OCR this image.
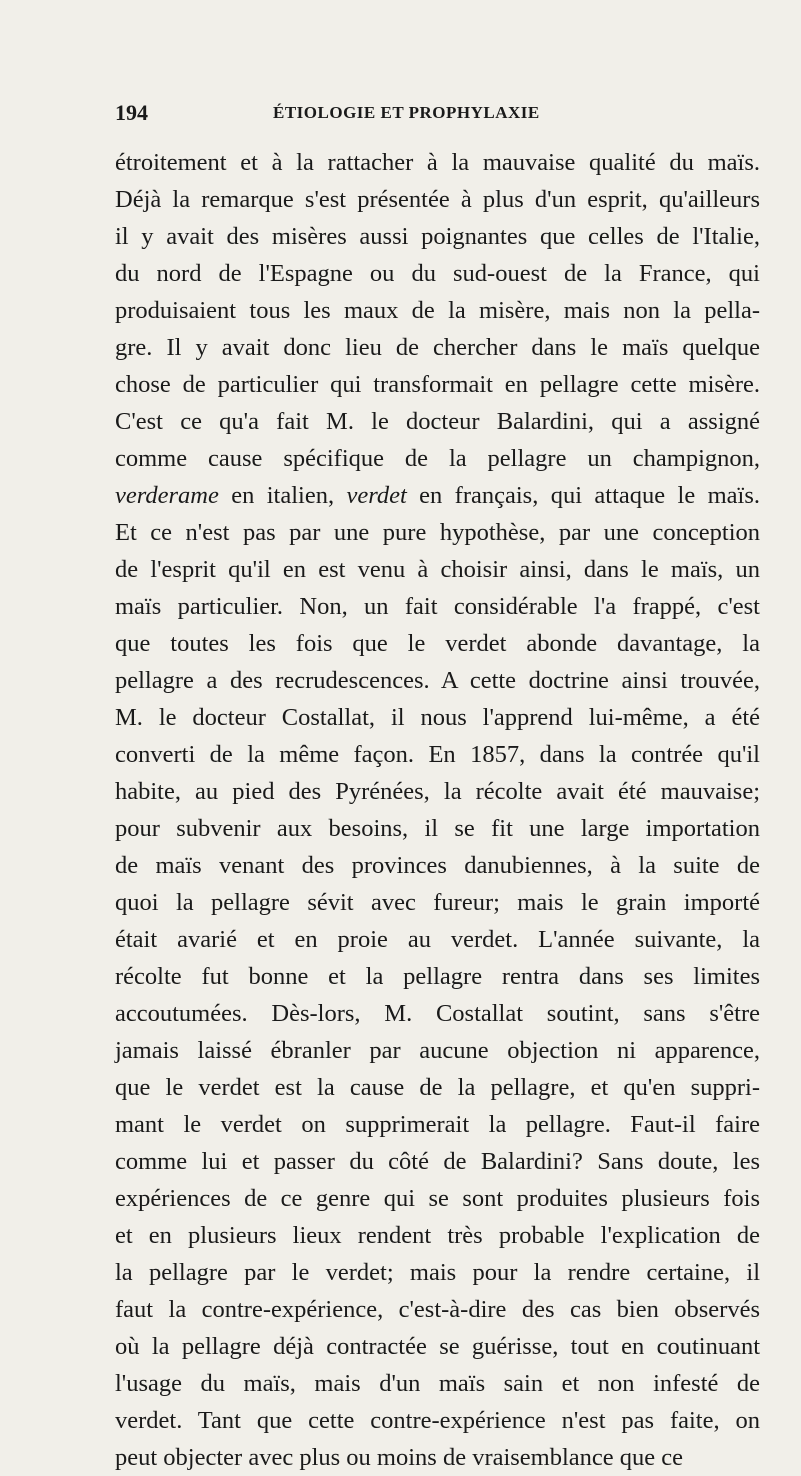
194	ÉTIOLOGIE ET PROPHYLAXIE
étroitement et à la rattacher à la mauvaise qualité du maïs.
Déjà la remarque s'est présentée à plus d'un esprit, qu'ailleurs
il y avait des misères aussi poignantes que celles de l'Italie,
du nord de l'Espagne ou du sud-ouest de la France, qui
produisaient tous les maux de la misère, mais non la pella-
gre. Il y avait donc lieu de chercher dans le maïs quelque
chose de particulier qui transformait en pellagre cette misère.
C'est ce qu'a fait M. le docteur Balardini, qui a assigné
comme cause spécifique de la pellagre un champignon,
verderame en italien, verdet en français, qui attaque le maïs.
Et ce n'est pas par une pure hypothèse, par une conception
de l'esprit qu'il en est venu à choisir ainsi, dans le maïs, un
maïs particulier. Non, un fait considérable l'a frappé, c'est
que toutes les fois que le verdet abonde davantage, la
pellagre a des recrudescences. A cette doctrine ainsi trouvée,
M. le docteur Costallat, il nous l'apprend lui-même, a été
converti de la même façon. En 1857, dans la contrée qu'il
habite, au pied des Pyrénées, la récolte avait été mauvaise;
pour subvenir aux besoins, il se fit une large importation
de maïs venant des provinces danubiennes, à la suite de
quoi la pellagre sévit avec fureur; mais le grain importé
était avarié et en proie au verdet. L'année suivante, la
récolte fut bonne et la pellagre rentra dans ses limites
accoutumées. Dès-lors, M. Costallat soutint, sans s'être
jamais laissé ébranler par aucune objection ni apparence,
que le verdet est la cause de la pellagre, et qu'en suppri-
mant le verdet on supprimerait la pellagre. Faut-il faire
comme lui et passer du côté de Balardini? Sans doute, les
expériences de ce genre qui se sont produites plusieurs fois
et en plusieurs lieux rendent très probable l'explication de
la pellagre par le verdet; mais pour la rendre certaine, il
faut la contre-expérience, c'est-à-dire des cas bien observés
où la pellagre déjà contractée se guérisse, tout en coutinuant
l'usage du maïs, mais d'un maïs sain et non infesté de
verdet. Tant que cette contre-expérience n'est pas faite, on
peut objecter avec plus ou moins de vraisemblance que ce
